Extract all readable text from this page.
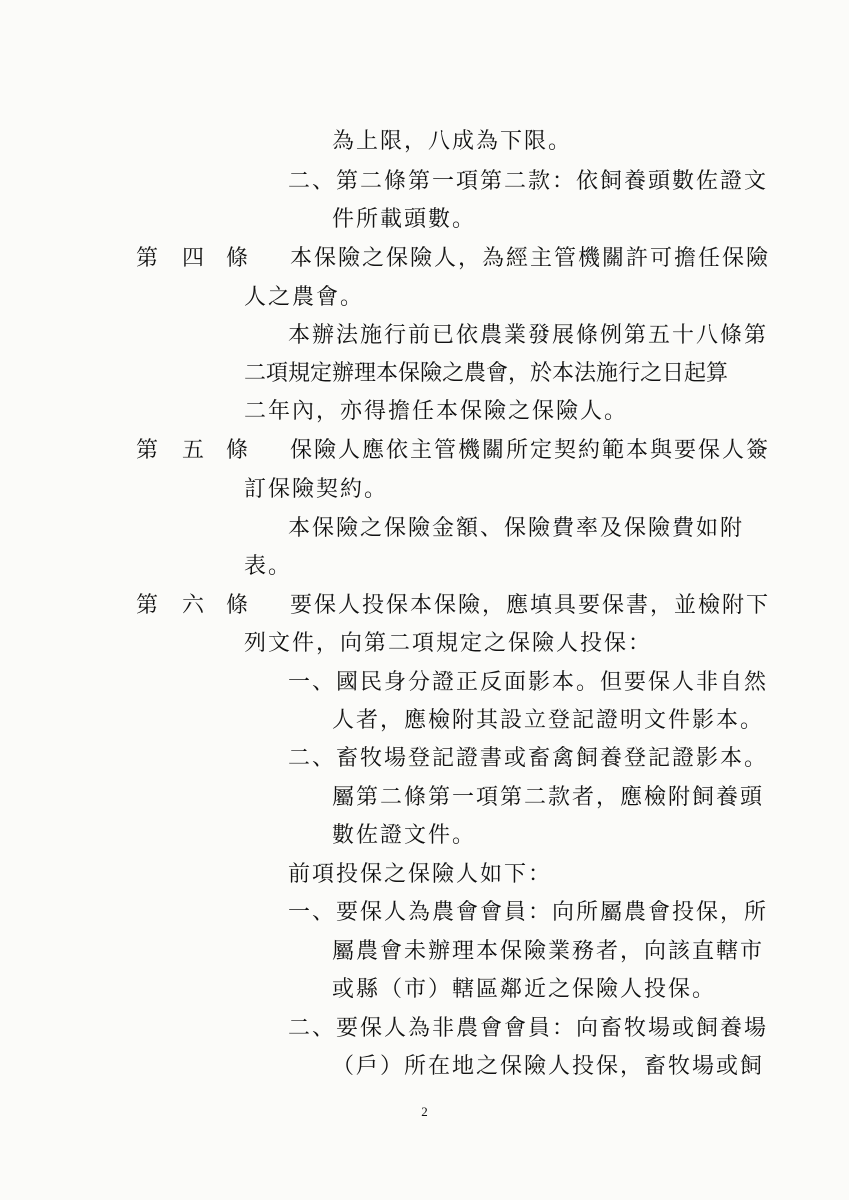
第 四 條
第 五 條
第 六 條
為上限，八成為下限。
二、第二條第一項第二款：依飼養頭數佐證文
件所載頭數。
本保險之保險人，為經主管機關許可擔任保險
人之農會。
本辦法施行前已依農業發展條例第五十八條第
二項規定辦理本保險之農會，於本法施行之日起算
二年內，亦得擔任本保險之保險人。
保險人應依主管機關所定契約範本與要保人簽
訂保險契約。
本保險之保險金額、保險費率及保險費如附
表。
要保人投保本保險，應填具要保書，並檢附下
列文件，向第二項規定之保險人投保：
一、國民身分證正反面影本。但要保人非自然
人者，應檢附其設立登記證明文件影本。
二、畜牧場登記證書或畜禽飼養登記證影本。
屬第二條第一項第二款者，應檢附飼養頭
數佐證文件。
前項投保之保險人如下：
一、要保人為農會會員：向所屬農會投保，所
屬農會未辦理本保險業務者，向該直轄市
或縣（市）轄區鄰近之保險人投保。
二、要保人為非農會會員：向畜牧場或飼養場
（戶）所在地之保險人投保，畜牧場或飼
2
